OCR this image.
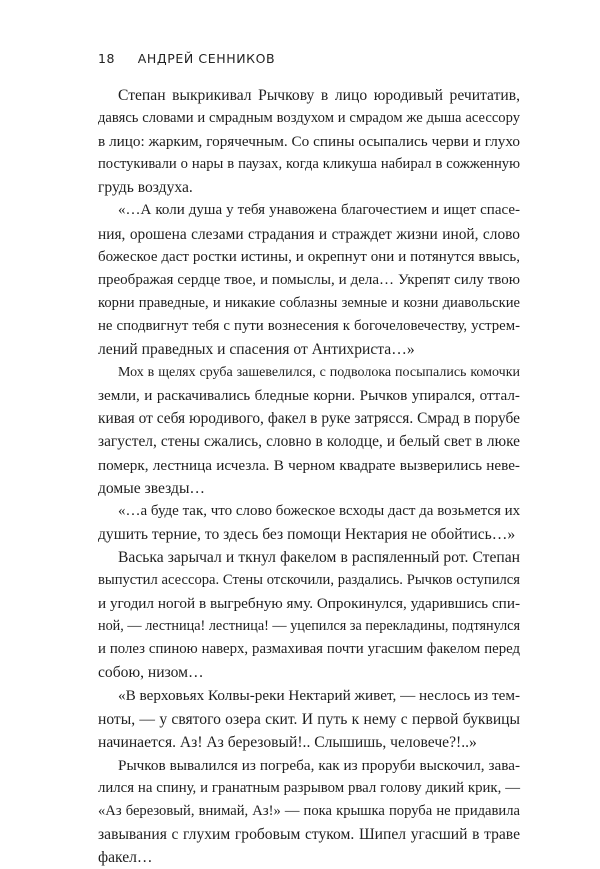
18 АНДРЕЙ СЕННИКОВ
Степан выкрикивал Рычкову в лицо юродивый речитатив,
давясь словами и смрадным воздухом и смрадом же дыша асессору
в лицо: жарким, горячечным. Со спины осыпались черви и глухо
постукивали о нары в паузах, когда кликуша набирал в сожженную
грудь воздуха.
«…А коли душа у тебя унавожена благочестием и ищет спасе-
ния, орошена слезами страдания и страждет жизни иной, слово
божеское даст ростки истины, и окрепнут они и потянутся ввысь,
преображая сердце твое, и помыслы, и дела… Укрепят силу твою
корни праведные, и никакие соблазны земные и козни диавольские
не сподвигнут тебя с пути вознесения к богочеловечеству, устрем-
лений праведных и спасения от Антихриста…»
Мох в щелях сруба зашевелился, с подволока посыпались комочки
земли, и раскачивались бледные корни. Рычков упирался, оттал-
кивая от себя юродивого, факел в руке затрясся. Смрад в порубе
загустел, стены сжались, словно в колодце, и белый свет в люке
померк, лестница исчезла. В черном квадрате вызверились неве-
домые звезды…
«…а буде так, что слово божеское всходы даст да возьмется их
душить терние, то здесь без помощи Нектария не обойтись…»
Васька зарычал и ткнул факелом в распяленный рот. Степан
выпустил асессора. Стены отскочили, раздались. Рычков оступился
и угодил ногой в выгребную яму. Опрокинулся, ударившись спи-
ной, — лестница! лестница! — уцепился за перекладины, подтянулся
и полез спиною наверх, размахивая почти угасшим факелом перед
собою, низом…
«В верховьях Колвы-реки Нектарий живет, — неслось из тем-
ноты, — у святого озера скит. И путь к нему с первой буквицы
начинается. Аз! Аз березовый!.. Слышишь, человече?!..»
Рычков вывалился из погреба, как из проруби выскочил, зава-
лился на спину, и гранатным разрывом рвал голову дикий крик, —
«Аз березовый, внимай, Аз!» — пока крышка поруба не придавила
завывания с глухим гробовым стуком. Шипел угасший в траве
факел…
